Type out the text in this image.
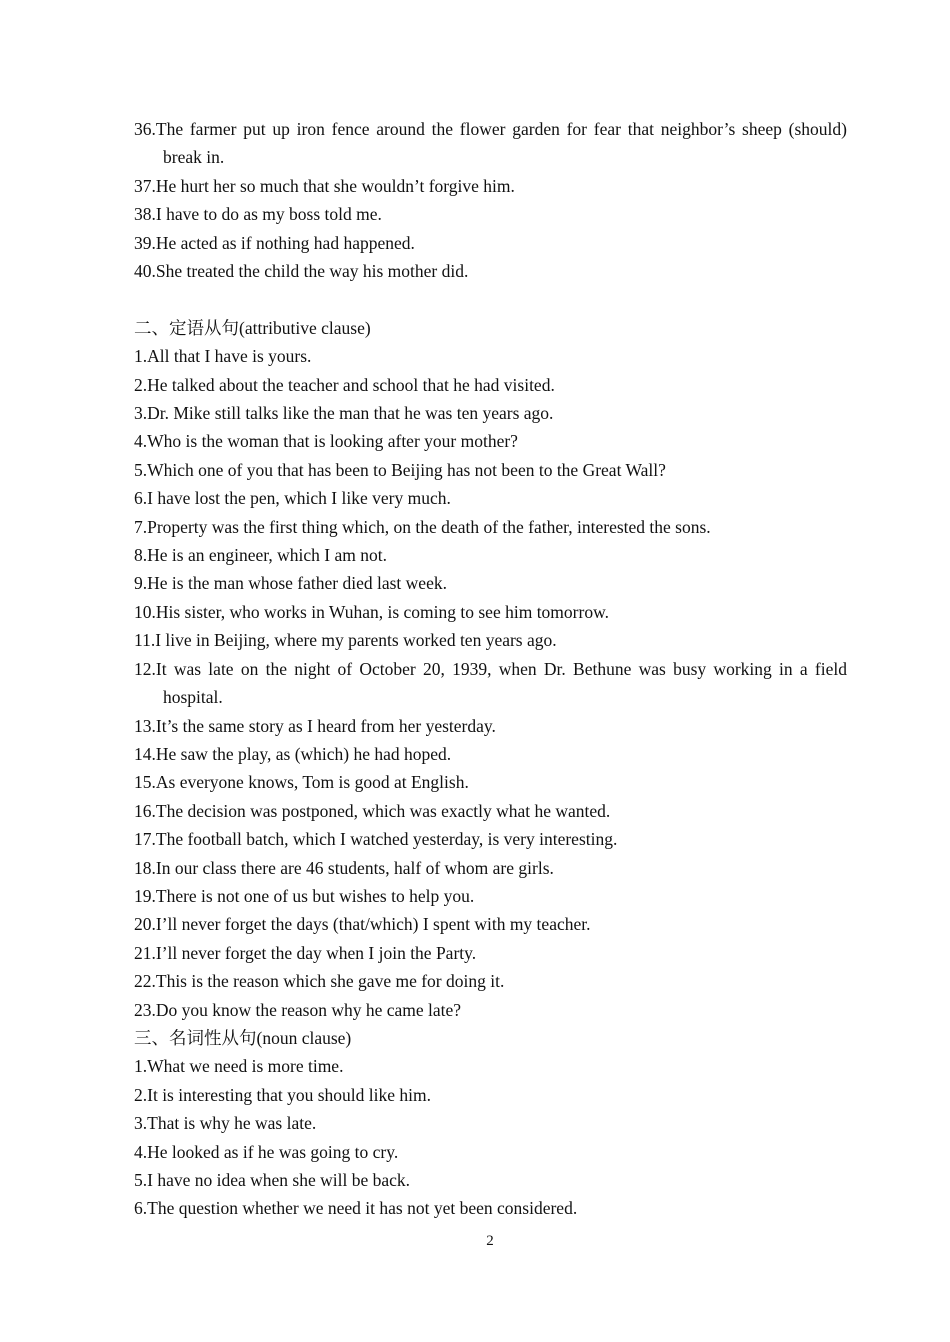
36.The farmer put up iron fence around the flower garden for fear that neighbor’s sheep (should) break in.

37.He hurt her so much that she wouldn’t forgive him.

38.I have to do as my boss told me.

39.He acted as if nothing had happened.

40.She treated the child the way his mother did.

二、定语从句(attributive clause)

1.All that I have is yours.

2.He talked about the teacher and school that he had visited.

3.Dr. Mike still talks like the man that he was ten years ago.

4.Who is the woman that is looking after your mother?

5.Which one of you that has been to Beijing has not been to the Great Wall?

6.I have lost the pen, which I like very much.

7.Property was the first thing which, on the death of the father, interested the sons.

8.He is an engineer, which I am not.

9.He is the man whose father died last week.

10.His sister, who works in Wuhan, is coming to see him tomorrow.

11.I live in Beijing, where my parents worked ten years ago.

12.It was late on the night of October 20, 1939, when Dr. Bethune was busy working in a field hospital.

13.It’s the same story as I heard from her yesterday.

14.He saw the play, as (which) he had hoped.

15.As everyone knows, Tom is good at English.

16.The decision was postponed, which was exactly what he wanted.

17.The football batch, which I watched yesterday, is very interesting.

18.In our class there are 46 students, half of whom are girls.

19.There is not one of us but wishes to help you.

20.I’ll never forget the days (that/which) I spent with my teacher.

21.I’ll never forget the day when I join the Party.

22.This is the reason which she gave me for doing it.

23.Do you know the reason why he came late?

三、名词性从句(noun clause)

1.What we need is more time.

2.It is interesting that you should like him.

3.That is why he was late.

4.He looked as if he was going to cry.

5.I have no idea when she will be back.

6.The question whether we need it has not yet been considered.

2
